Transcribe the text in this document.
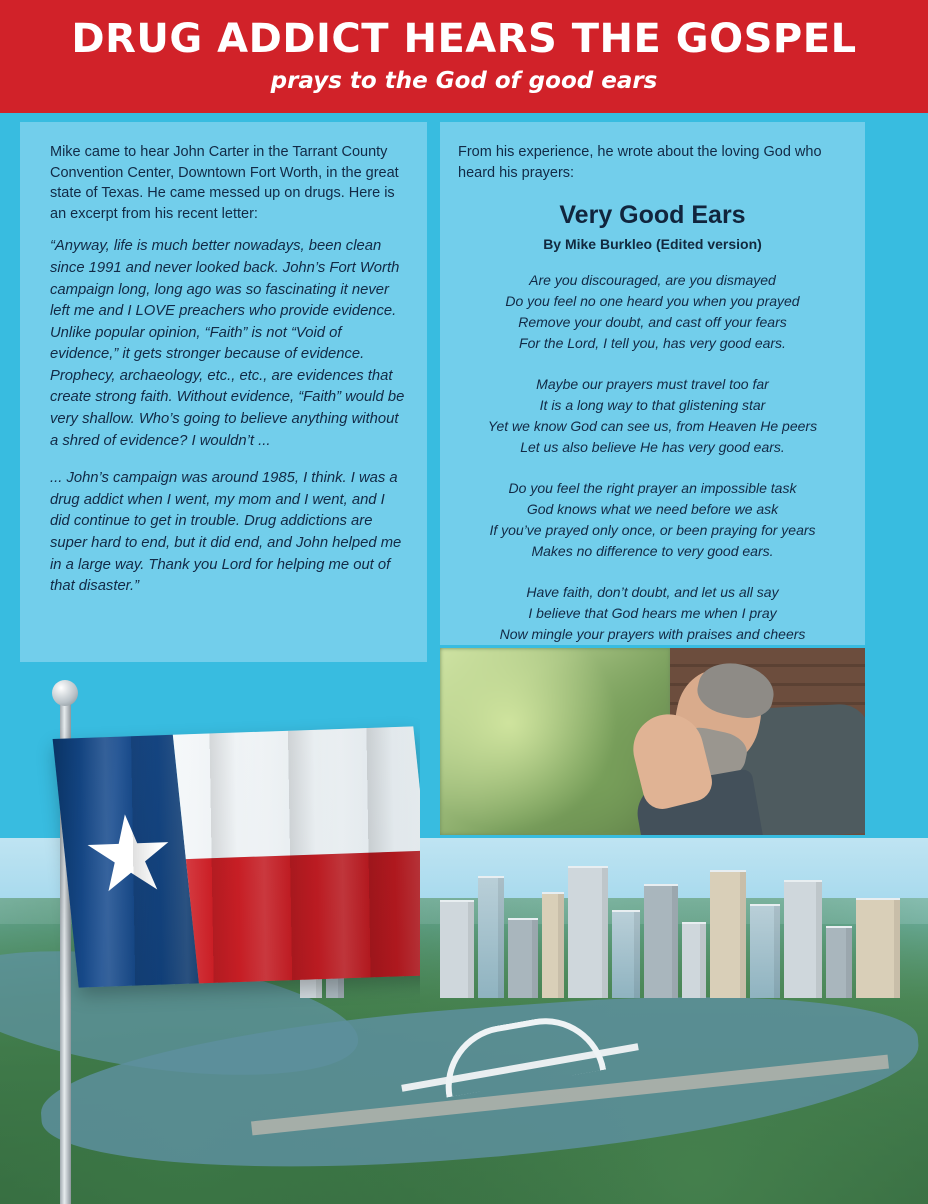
DRUG ADDICT HEARS THE GOSPEL
prays to the God of good ears

Mike came to hear John Carter in the Tarrant County Convention Center, Downtown Fort Worth, in the great state of Texas. He came messed up on drugs. Here is an excerpt from his recent letter:

“Anyway, life is much better nowadays, been clean since 1991 and never looked back. John’s Fort Worth campaign long, long ago was so fascinating it never left me and I LOVE preachers who provide evidence. Unlike popular opinion, “Faith” is not “Void of evidence,” it gets stronger because of evidence. Prophecy, archaeology, etc., etc., are evidences that create strong faith. Without evidence, “Faith” would be very shallow. Who’s going to believe anything without a shred of evidence? I wouldn’t ...

... John’s campaign was around 1985, I think. I was a drug addict when I went, my mom and I went, and I did continue to get in trouble. Drug addictions are super hard to end, but it did end, and John helped me in a large way. Thank you Lord for helping me out of that disaster.”

From his experience, he wrote about the loving God who heard his prayers:

Very Good Ears
By Mike Burkleo (Edited version)
Are you discouraged, are you dismayed
Do you feel no one heard you when you prayed
Remove your doubt, and cast off your fears
For the Lord, I tell you, has very good ears.
Maybe our prayers must travel too far
It is a long way to that glistening star
Yet we know God can see us, from Heaven He peers
Let us also believe He has very good ears.
Do you feel the right prayer an impossible task
God knows what we need before we ask
If you’ve prayed only once, or been praying for years
Makes no difference to very good ears.
Have faith, don’t doubt, and let us all say
I believe that God hears me when I pray
Now mingle your prayers with praises and cheers
